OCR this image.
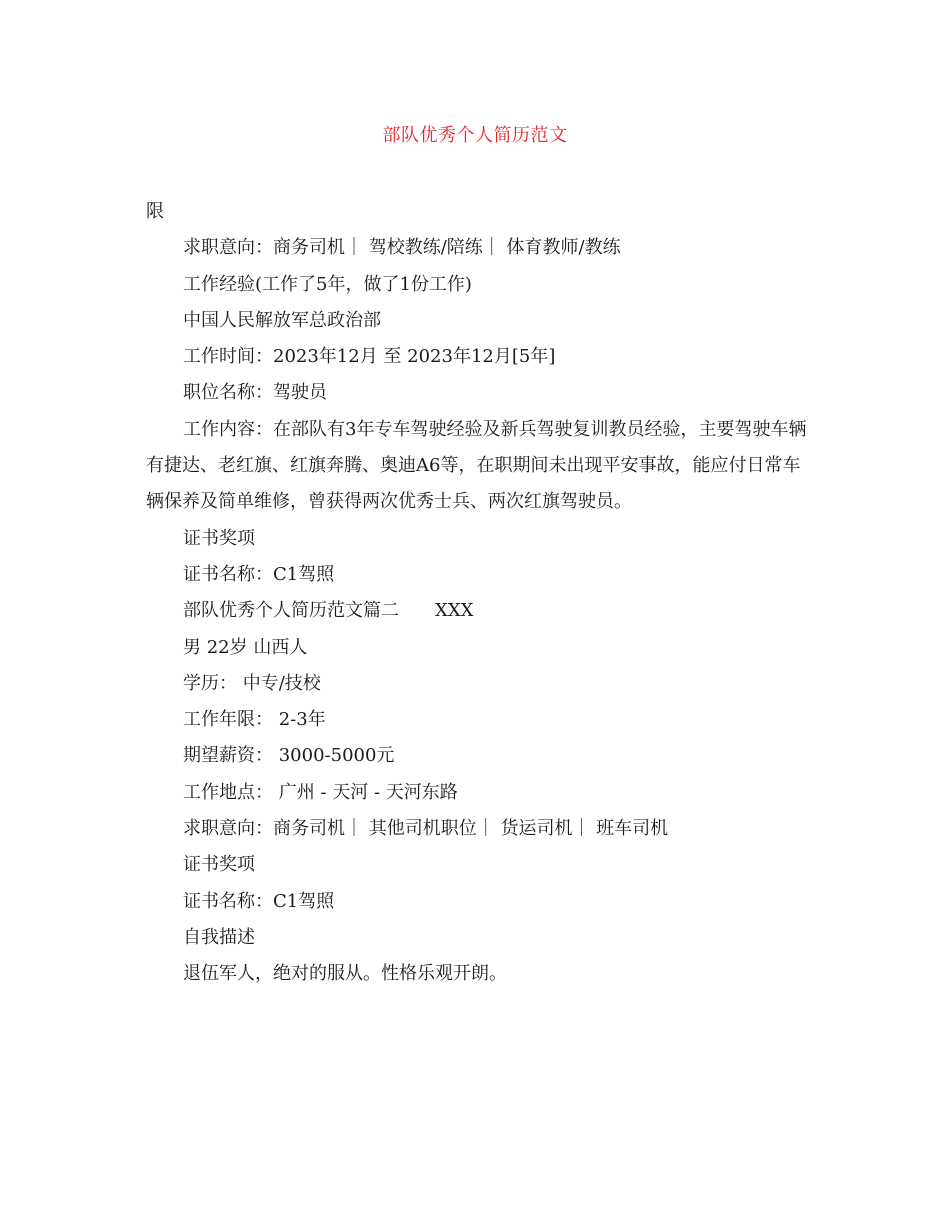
部队优秀个人简历范文

限

求职意向：商务司机｜ 驾校教练/陪练｜ 体育教师/教练

工作经验(工作了5年，做了1份工作)

中国人民解放军总政治部

工作时间：2023年12月 至 2023年12月[5年]

职位名称：驾驶员

工作内容：在部队有3年专车驾驶经验及新兵驾驶复训教员经验，主要驾驶车辆有捷达、老红旗、红旗奔腾、奥迪A6等，在职期间未出现平安事故，能应付日常车辆保养及简单维修，曾获得两次优秀士兵、两次红旗驾驶员。

证书奖项

证书名称：C1驾照

部队优秀个人简历范文篇二 XXX

男 22岁 山西人

学历： 中专/技校

工作年限： 2-3年

期望薪资： 3000-5000元

工作地点： 广州 - 天河 - 天河东路

求职意向：商务司机｜ 其他司机职位｜ 货运司机｜ 班车司机

证书奖项

证书名称：C1驾照

自我描述

退伍军人，绝对的服从。性格乐观开朗。
